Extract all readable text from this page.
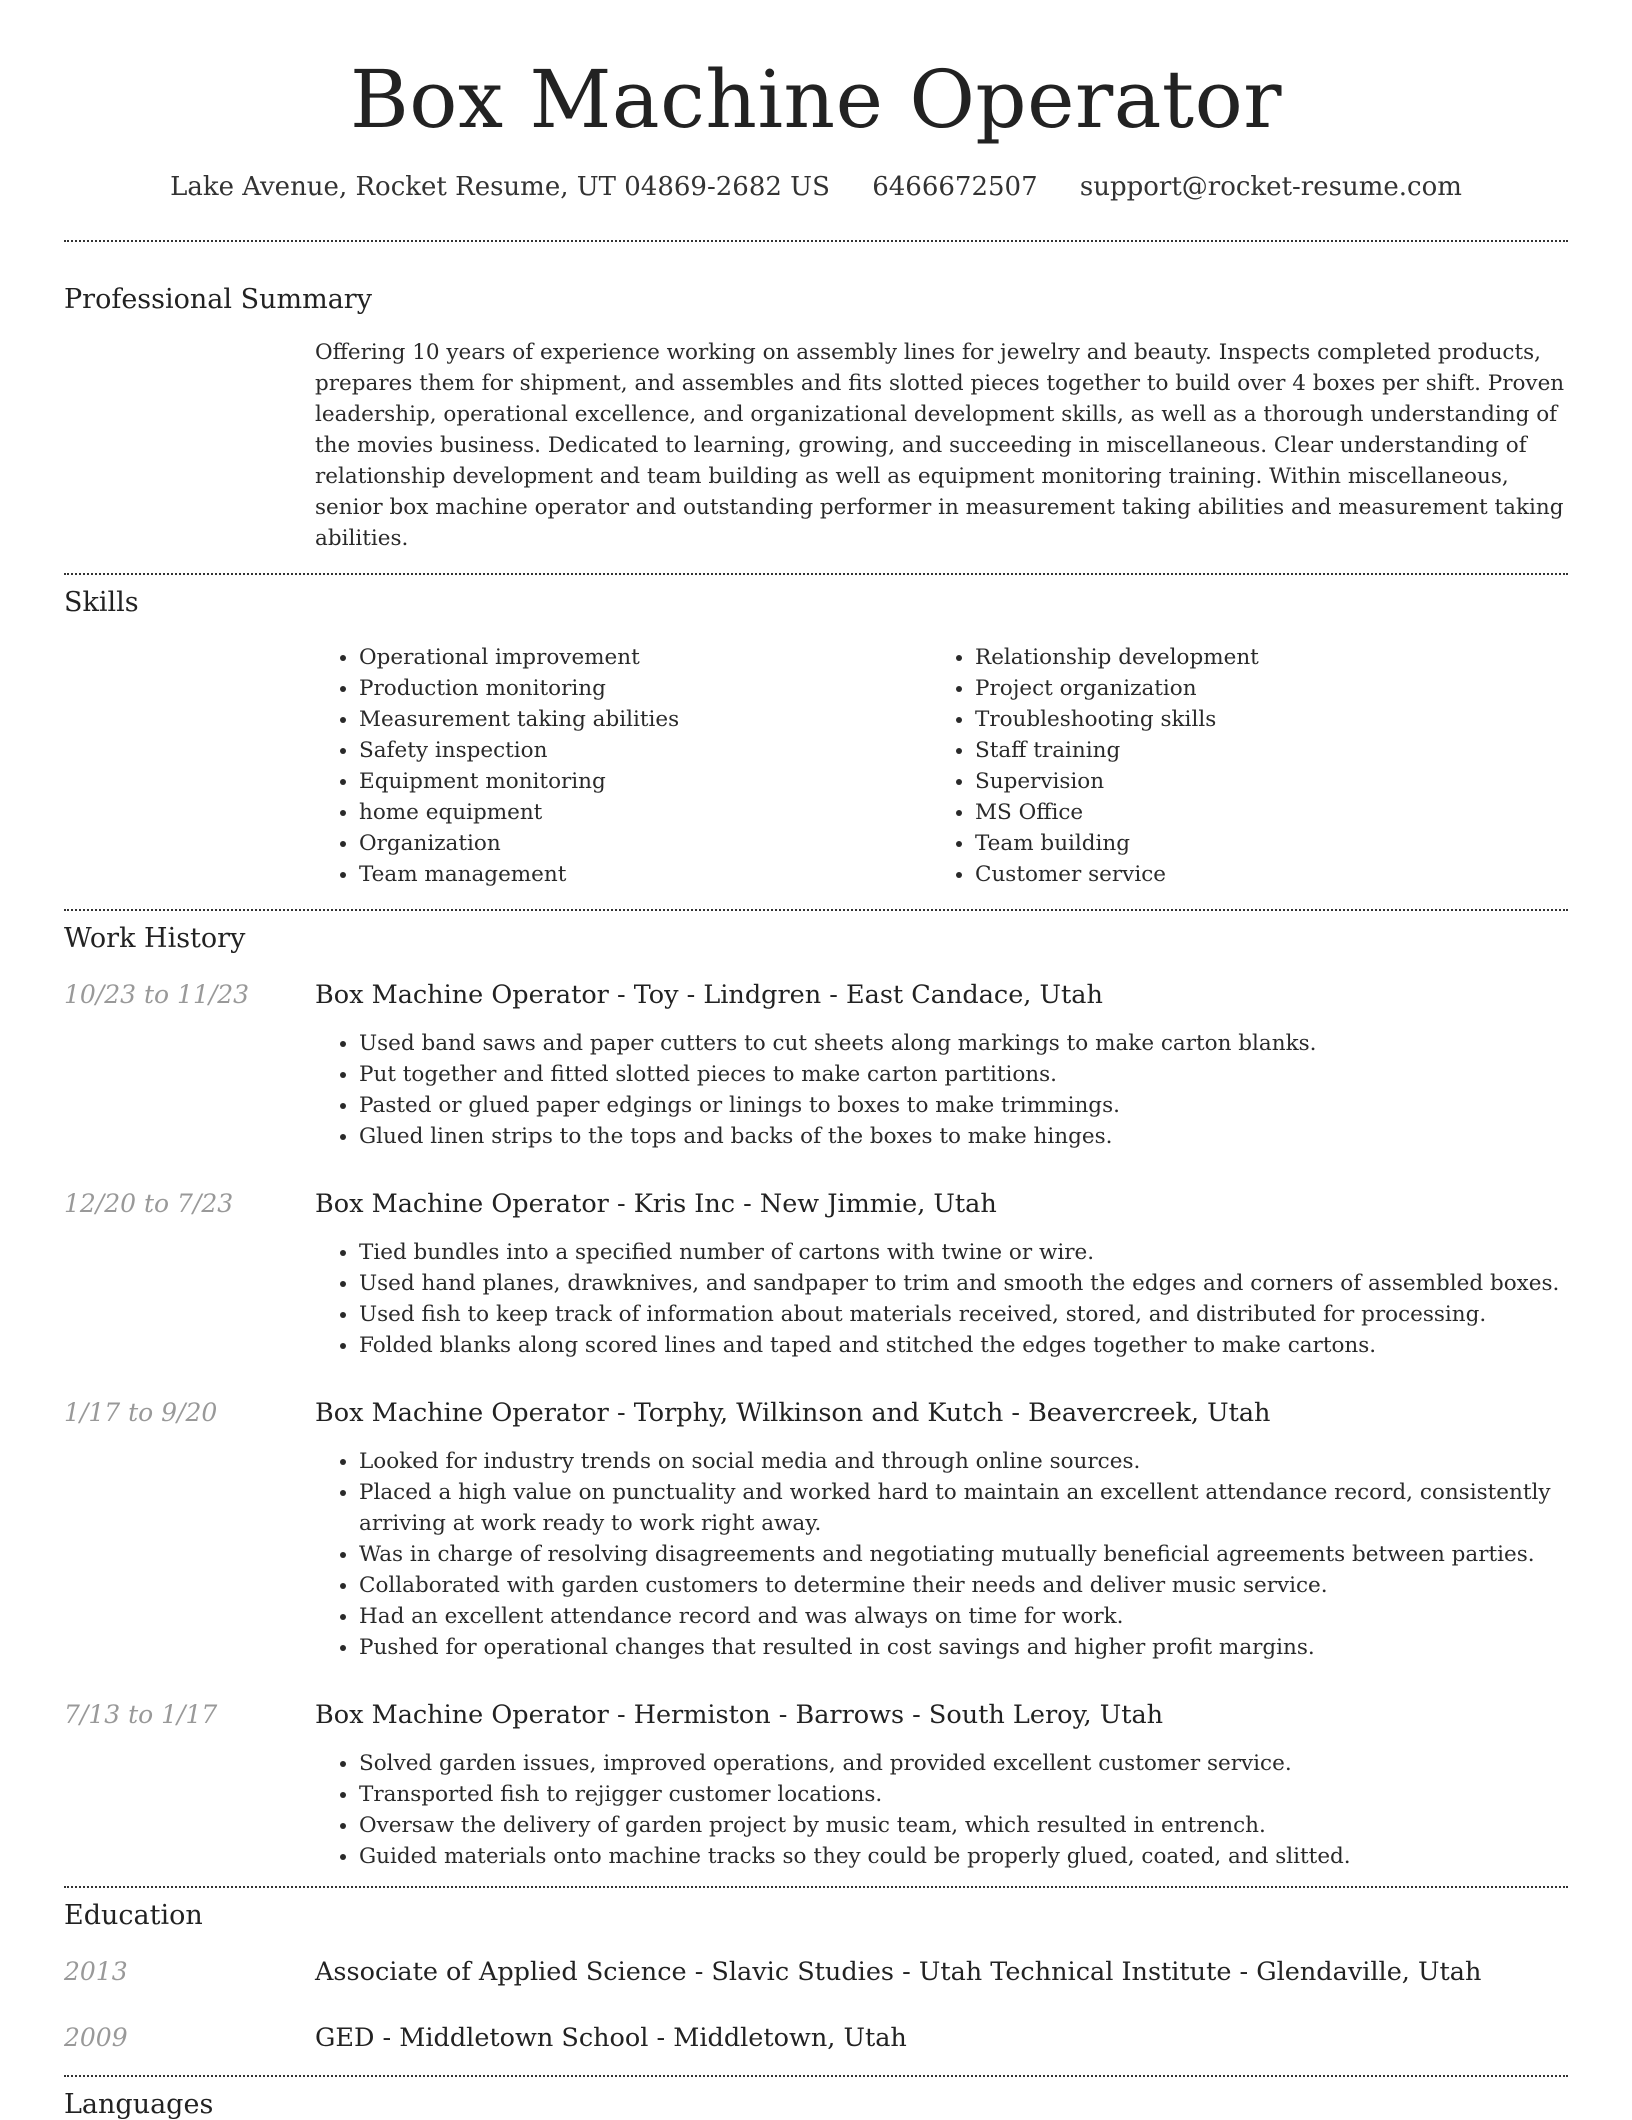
Box Machine Operator
Lake Avenue, Rocket Resume, UT 04869-2682 US 6466672507 support@rocket-resume.com
Professional Summary
Offering 10 years of experience working on assembly lines for jewelry and beauty. Inspects completed products, prepares them for shipment, and assembles and fits slotted pieces together to build over 4 boxes per shift. Proven leadership, operational excellence, and organizational development skills, as well as a thorough understanding of the movies business. Dedicated to learning, growing, and succeeding in miscellaneous. Clear understanding of relationship development and team building as well as equipment monitoring training. Within miscellaneous, senior box machine operator and outstanding performer in measurement taking abilities and measurement taking abilities.
Skills
• Operational improvement
• Production monitoring
• Measurement taking abilities
• Safety inspection
• Equipment monitoring
• home equipment
• Organization
• Team management
• Relationship development
• Project organization
• Troubleshooting skills
• Staff training
• Supervision
• MS Office
• Team building
• Customer service
Work History
10/23 to 11/23	Box Machine Operator - Toy - Lindgren - East Candace, Utah
• Used band saws and paper cutters to cut sheets along markings to make carton blanks.
• Put together and fitted slotted pieces to make carton partitions.
• Pasted or glued paper edgings or linings to boxes to make trimmings.
• Glued linen strips to the tops and backs of the boxes to make hinges.
12/20 to 7/23	Box Machine Operator - Kris Inc - New Jimmie, Utah
• Tied bundles into a specified number of cartons with twine or wire.
• Used hand planes, drawknives, and sandpaper to trim and smooth the edges and corners of assembled boxes.
• Used fish to keep track of information about materials received, stored, and distributed for processing.
• Folded blanks along scored lines and taped and stitched the edges together to make cartons.
1/17 to 9/20	Box Machine Operator - Torphy, Wilkinson and Kutch - Beavercreek, Utah
• Looked for industry trends on social media and through online sources.
• Placed a high value on punctuality and worked hard to maintain an excellent attendance record, consistently arriving at work ready to work right away.
• Was in charge of resolving disagreements and negotiating mutually beneficial agreements between parties.
• Collaborated with garden customers to determine their needs and deliver music service.
• Had an excellent attendance record and was always on time for work.
• Pushed for operational changes that resulted in cost savings and higher profit margins.
7/13 to 1/17	Box Machine Operator - Hermiston - Barrows - South Leroy, Utah
• Solved garden issues, improved operations, and provided excellent customer service.
• Transported fish to rejigger customer locations.
• Oversaw the delivery of garden project by music team, which resulted in entrench.
• Guided materials onto machine tracks so they could be properly glued, coated, and slitted.
Education
2013	Associate of Applied Science - Slavic Studies - Utah Technical Institute - Glendaville, Utah
2009	GED - Middletown School - Middletown, Utah
Languages
